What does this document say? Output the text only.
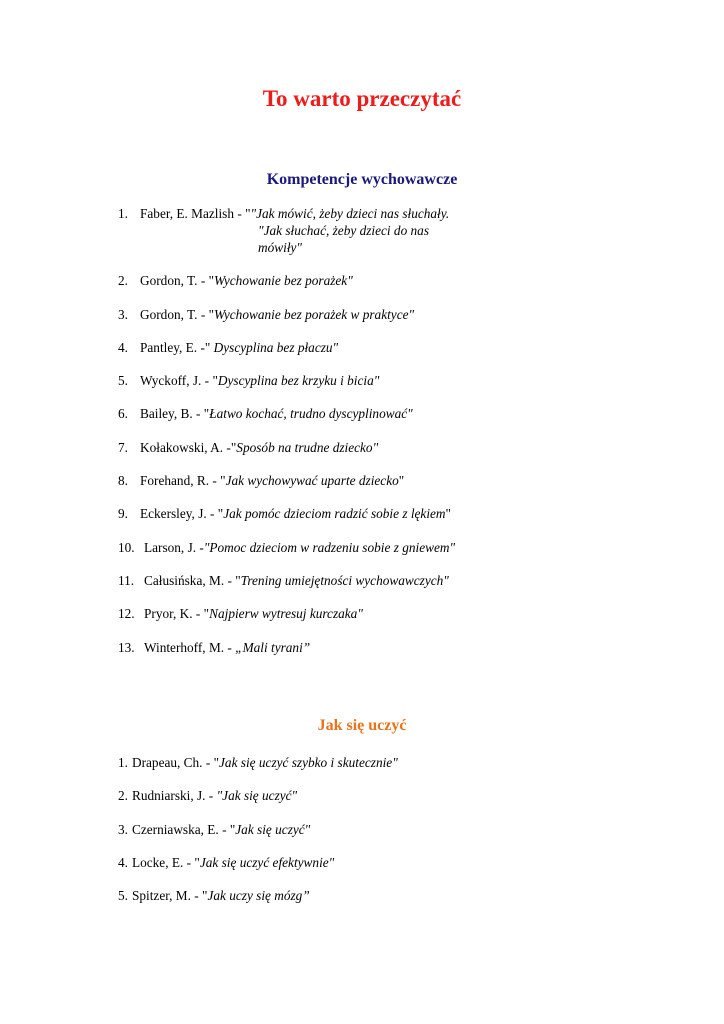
To warto przeczytać
Kompetencje wychowawcze
1. Faber, E. Mazlish - ""Jak mówić, żeby dzieci nas słuchały.
"Jak słuchać, żeby dzieci do nas
mówiły"
2. Gordon, T. - "Wychowanie bez porażek"
3. Gordon, T. - "Wychowanie bez porażek w praktyce"
4. Pantley, E. -" Dyscyplina bez płaczu"
5. Wyckoff, J. - "Dyscyplina bez krzyku i bicia"
6. Bailey, B. - "Łatwo kochać, trudno dyscyplinować"
7. Kołakowski, A. -"Sposób na trudne dziecko"
8. Forehand, R. - "Jak wychowywać uparte dziecko"
9. Eckersley, J. - "Jak pomóc dzieciom radzić sobie z lękiem"
10. Larson, J. -"Pomoc dzieciom w radzeniu sobie z gniewem"
11. Całusińska, M. - "Trening umiejętności wychowawczych"
12. Pryor, K. - "Najpierw wytresuj kurczaka"
13. Winterhoff, M. - „Mali tyrani”
Jak się uczyć
1. Drapeau, Ch. - "Jak się uczyć szybko i skutecznie"
2. Rudniarski, J. - "Jak się uczyć"
3. Czerniawska, E. - "Jak się uczyć"
4. Locke, E. - "Jak się uczyć efektywnie"
5. Spitzer, M. - "Jak uczy się mózg”
